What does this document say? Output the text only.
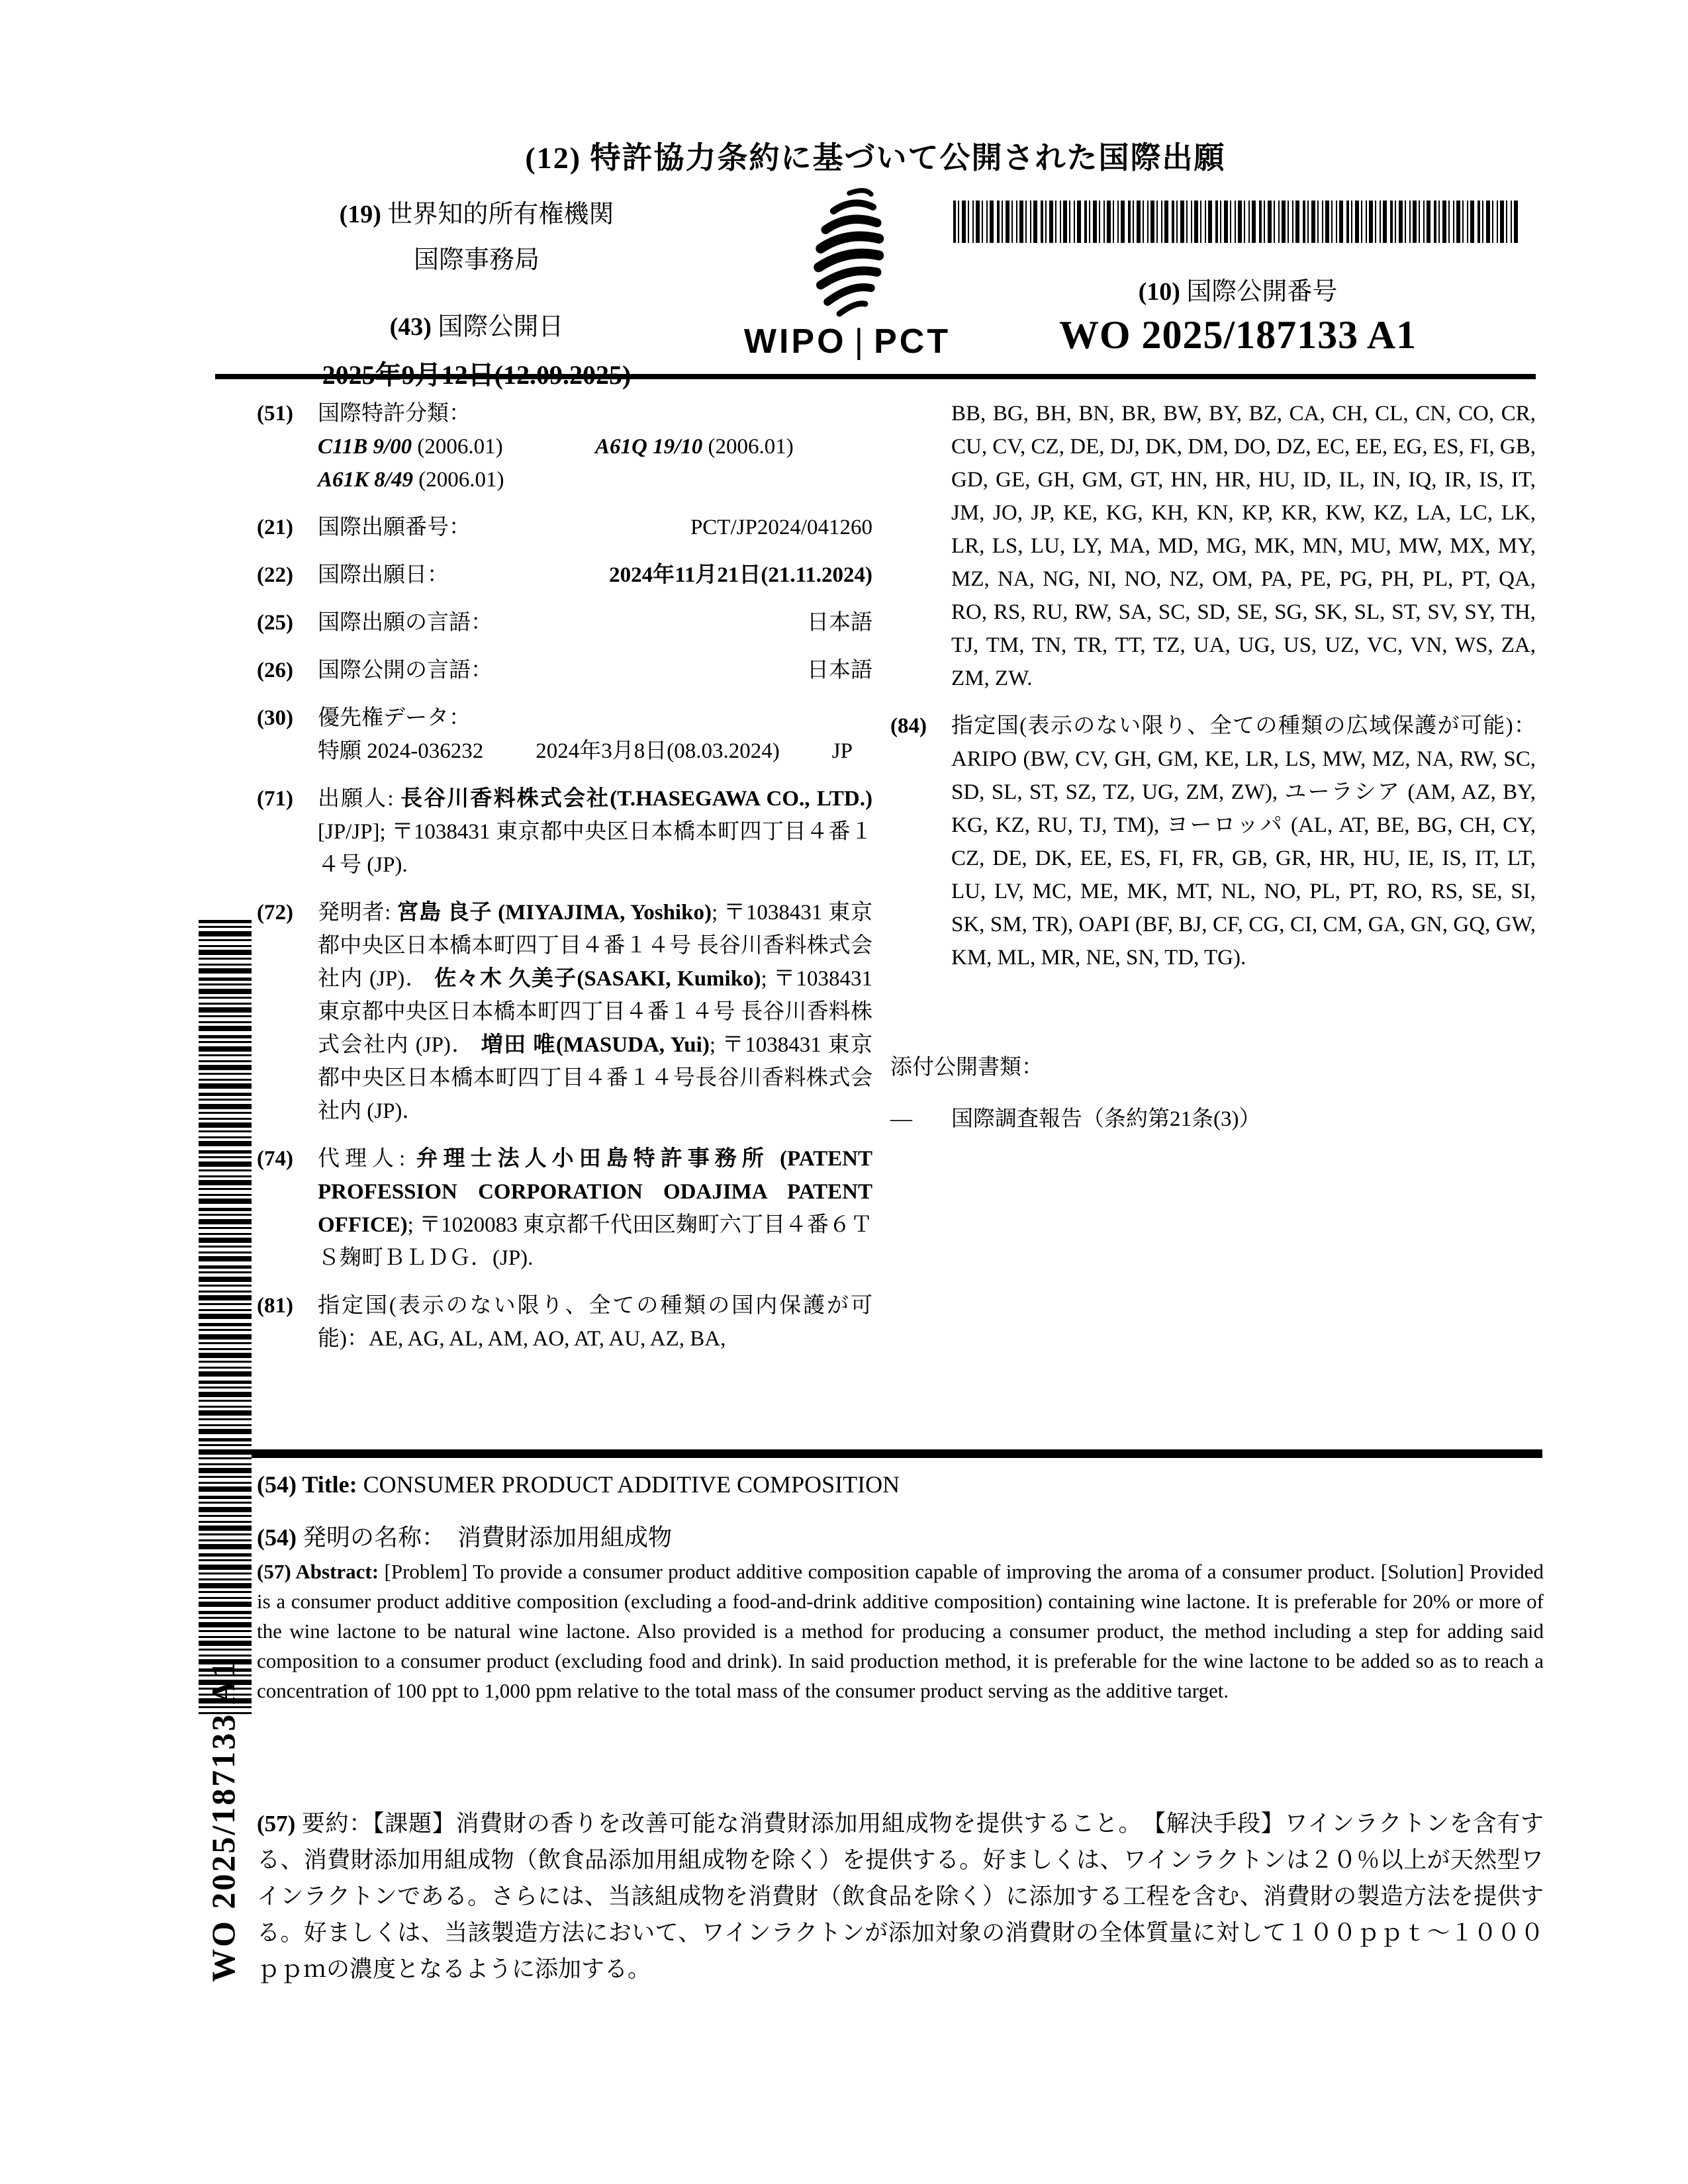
(12) 特許協力条約に基づいて公開された国際出願
(19) 世界知的所有権機関
国際事務局
(43) 国際公開日	WIPO | PCT
(10) 国際公開番号
WO 2025/187133 A1
(51) 国際特許分類：
C11B 9/00 (2006.01)	A61Q 19/10 (2006.01)
A61K 8/49 (2006.01)
(21) 国際出願番号：	PCT/JP2024/041260
(22) 国際出願日：	2024年11月21日(21.11.2024)
(25) 国際出願の言語：	日本語
(26) 国際公開の言語：	日本語
(30) 優先権データ：
特願 2024-036232 2024年3月8日(08.03.2024) JP
(71) 出願人: 長谷川香料株式会社(T.HASEGAWA CO., LTD.) [JP/JP]; 〒1038431 東京都中央区日本橋本町四丁目４番１４号 (JP).
(72) 発明者: 宮島 良子 (MIYAJIMA, Yoshiko); 〒1038431 東京都中央区日本橋本町四丁目４番１４号 長谷川香料株式会社内 (JP)． 佐々木 久美子(SASAKI, Kumiko); 〒1038431 東京都中央区日本橋本町四丁目４番１４号 長谷川香料株式会社内 (JP)． 増田 唯(MASUDA, Yui); 〒1038431 東京都中央区日本橋本町四丁目４番１４号長谷川香料株式会社内 (JP)．
(74) 代理人: 弁理士法人小田島特許事務所 (PATENT PROFESSION CORPORATION ODAJIMA PATENT OFFICE); 〒1020083 東京都千代田区麹町六丁目４番６ＴＳ麹町ＢＬＤＧ．(JP).
(81) 指定国(表示のない限り、全ての種類の国内保護が可能)：AE, AG, AL, AM, AO, AT, AU, AZ, BA,
BB, BG, BH, BN, BR, BW, BY, BZ, CA, CH, CL, CN, CO, CR, CU, CV, CZ, DE, DJ, DK, DM, DO, DZ, EC, EE, EG, ES, FI, GB, GD, GE, GH, GM, GT, HN, HR, HU, ID, IL, IN, IQ, IR, IS, IT, JM, JO, JP, KE, KG, KH, KN, KP, KR, KW, KZ, LA, LC, LK, LR, LS, LU, LY, MA, MD, MG, MK, MN, MU, MW, MX, MY, MZ, NA, NG, NI, NO, NZ, OM, PA, PE, PG, PH, PL, PT, QA, RO, RS, RU, RW, SA, SC, SD, SE, SG, SK, SL, ST, SV, SY, TH, TJ, TM, TN, TR, TT, TZ, UA, UG, US, UZ, VC, VN, WS, ZA, ZM, ZW.
(84) 指定国(表示のない限り、全ての種類の広域保護が可能)：ARIPO (BW, CV, GH, GM, KE, LR, LS, MW, MZ, NA, RW, SC, SD, SL, ST, SZ, TZ, UG, ZM, ZW), ユーラシア (AM, AZ, BY, KG, KZ, RU, TJ, TM), ヨーロッパ (AL, AT, BE, BG, CH, CY, CZ, DE, DK, EE, ES, FI, FR, GB, GR, HR, HU, IE, IS, IT, LT, LU, LV, MC, ME, MK, MT, NL, NO, PL, PT, RO, RS, SE, SI, SK, SM, TR), OAPI (BF, BJ, CF, CG, CI, CM, GA, GN, GQ, GW, KM, ML, MR, NE, SN, TD, TG).
添付公開書類：
—	国際調査報告（条約第21条(3)）
(54) Title: CONSUMER PRODUCT ADDITIVE COMPOSITION
(54) 発明の名称：　消費財添加用組成物
(57) Abstract: [Problem] To provide a consumer product additive composition capable of improving the aroma of a consumer product. [Solution] Provided is a consumer product additive composition (excluding a food-and-drink additive composition) containing wine lactone. It is preferable for 20% or more of the wine lactone to be natural wine lactone. Also provided is a method for producing a consumer product, the method including a step for adding said composition to a consumer product (excluding food and drink). In said production method, it is preferable for the wine lactone to be added so as to reach a concentration of 100 ppt to 1,000 ppm relative to the total mass of the consumer product serving as the additive target.
(57) 要約：【課題】消費財の香りを改善可能な消費財添加用組成物を提供すること。　【解決手段】ワインラクトンを含有する、消費財添加用組成物（飲食品添加用組成物を除く）を提供する。好ましくは、ワインラクトンは２０％以上が天然型ワインラクトンである。さらには、当該組成物を消費財（飲食品を除く）に添加する工程を含む、消費財の製造方法を提供する。好ましくは、当該製造方法において、ワインラクトンが添加対象の消費財の全体質量に対して１００ｐｐｔ～１０００ｐｐｍの濃度となるように添加する。
WO 2025/187133 A1
